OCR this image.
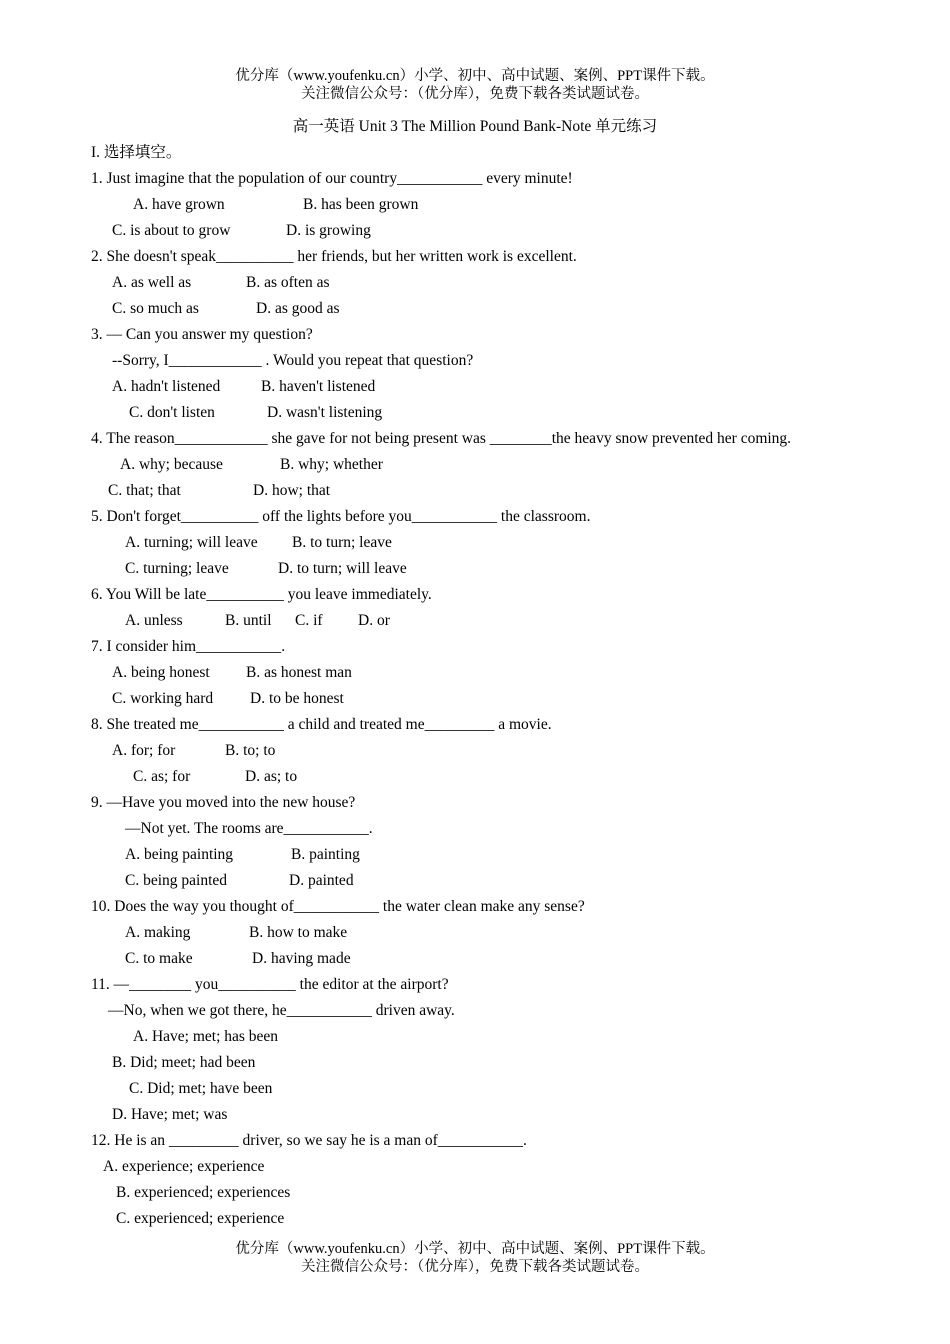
优分库（www.youfenku.cn）小学、初中、高中试题、案例、PPT课件下载。
关注微信公众号：（优分库），免费下载各类试题试卷。
高一英语 Unit 3 The Million Pound Bank-Note 单元练习
I. 选择填空。
1. Just imagine that the population of our country___________ every minute!
A. have grown	B. has been grown
C. is about to grow	D. is growing
2. She doesn't speak__________ her friends, but her written work is excellent.
A. as well as	B. as often as
C. so much as	D. as good as
3. — Can you answer my question?
--Sorry, I____________ . Would you repeat that question?
A. hadn't listened	B. haven't listened
C. don't listen	D. wasn't listening
4. The reason____________ she gave for not being present was ________the heavy snow prevented her coming.
A. why; because	B. why; whether
C. that; that	D. how; that
5. Don't forget__________ off the lights before you___________ the classroom.
A. turning; will leave B. to turn; leave
C. turning; leave	D. to turn; will leave
6. You Will be late__________ you leave immediately.
A. unless	B. until C. if D. or
7. I consider him___________.
A. being honest B. as honest man
C. working hard D. to be honest
8. She treated me___________ a child and treated me_________ a movie.
A. for; for	B. to; to
C. as; for	D. as; to
9. —Have you moved into the new house?
—Not yet. The rooms are___________.
A. being painting	B. painting
C. being painted	D. painted
10. Does the way you thought of___________ the water clean make any sense?
A. making	B. how to make
C. to make	D. having made
11. —________ you__________ the editor at the airport?
—No, when we got there, he___________ driven away.
A. Have; met; has been
B. Did; meet; had been
C. Did; met; have been
D. Have; met; was
12. He is an _________ driver, so we say he is a man of___________.
A. experience; experience
B. experienced; experiences
C. experienced; experience
优分库（www.youfenku.cn）小学、初中、高中试题、案例、PPT课件下载。
关注微信公众号：（优分库），免费下载各类试题试卷。
